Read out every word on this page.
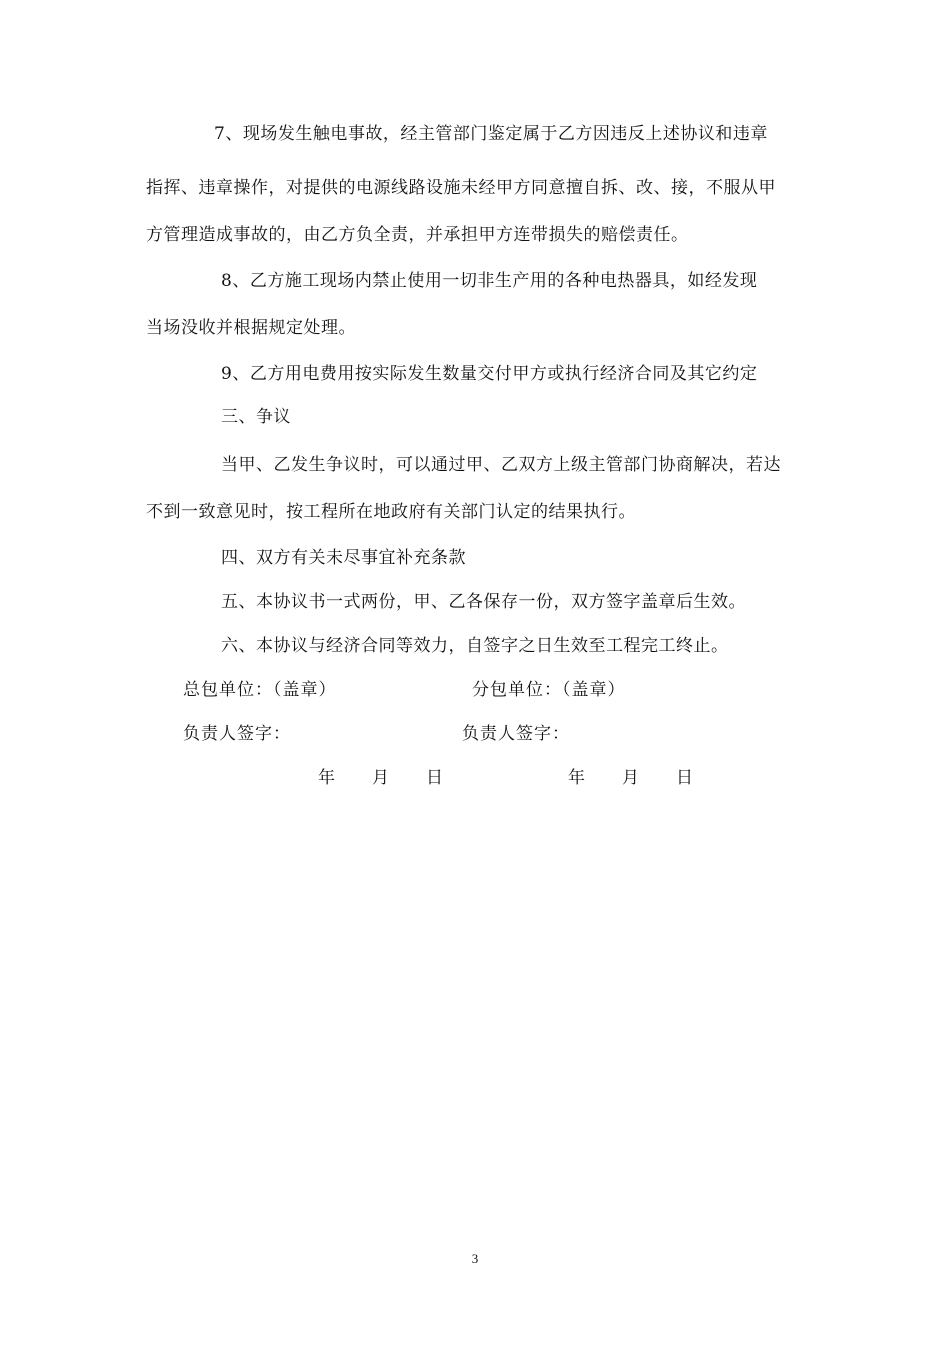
7、现场发生触电事故，经主管部门鉴定属于乙方因违反上述协议和违章
指挥、违章操作，对提供的电源线路设施未经甲方同意擅自拆、改、接，不服从甲
方管理造成事故的，由乙方负全责，并承担甲方连带损失的赔偿责任。
8、乙方施工现场内禁止使用一切非生产用的各种电热器具，如经发现
当场没收并根据规定处理。
9、乙方用电费用按实际发生数量交付甲方或执行经济合同及其它约定
三、争议
当甲、乙发生争议时，可以通过甲、乙双方上级主管部门协商解决，若达
不到一致意见时，按工程所在地政府有关部门认定的结果执行。
四、双方有关未尽事宜补充条款
五、本协议书一式两份，甲、乙各保存一份，双方签字盖章后生效。
六、本协议与经济合同等效力，自签字之日生效至工程完工终止。
总包单位：（盖章）	分包单位：（盖章）
负责人签字：	负责人签字：
年　　月　　日	年　　月　　日
3
